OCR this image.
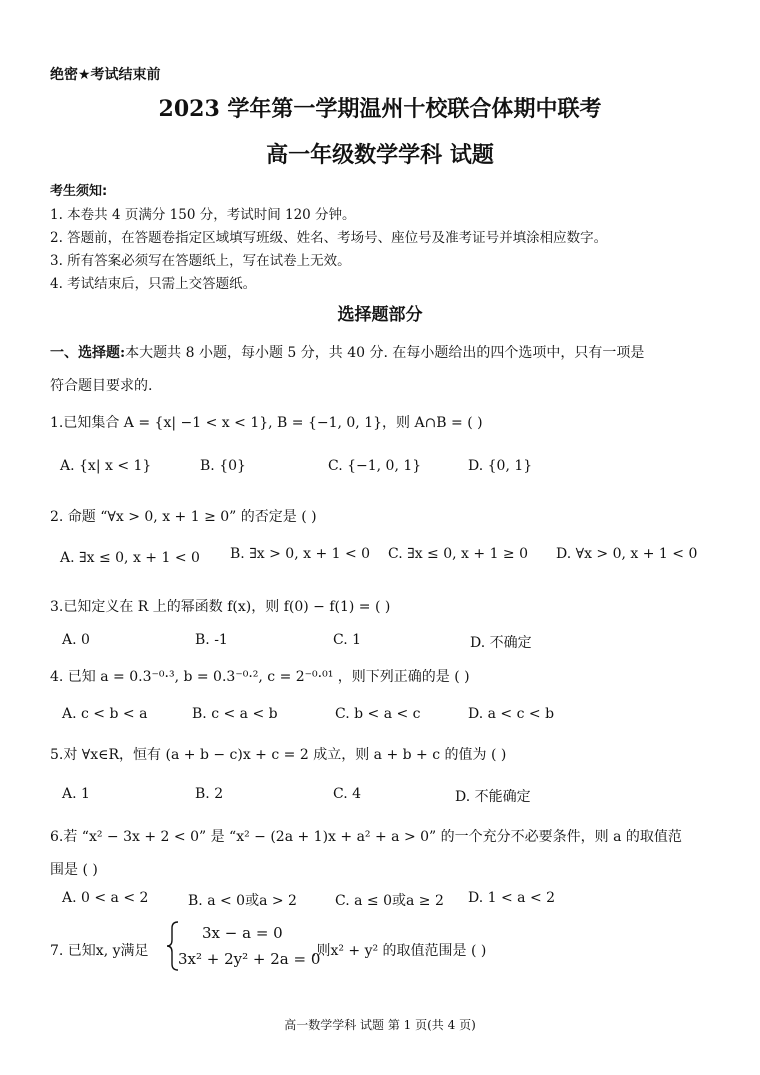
绝密★考试结束前
2023 学年第一学期温州十校联合体期中联考
高一年级数学学科 试题
考生须知:
1. 本卷共 4 页满分 150 分，考试时间 120 分钟。
2. 答题前，在答题卷指定区域填写班级、姓名、考场号、座位号及准考证号并填涂相应数字。
3. 所有答案必须写在答题纸上，写在试卷上无效。
4. 考试结束后，只需上交答题纸。
选择题部分
一、选择题:本大题共 8 小题，每小题 5 分，共 40 分. 在每小题给出的四个选项中，只有一项是
符合题目要求的.
1.已知集合 A = {x| −1 < x < 1}, B = {−1, 0, 1}，则 A∩B = ( )
A. {x| x < 1}	B. {0}	C. {−1, 0, 1}	D. {0, 1}
2. 命题 “∀x > 0, x + 1 ≥ 0” 的否定是 ( )
A. ∃x ≤ 0, x + 1 < 0 B. ∃x > 0, x + 1 < 0 C. ∃x ≤ 0, x + 1 ≥ 0 D. ∀x > 0, x + 1 < 0
3.已知定义在 R 上的幂函数 f(x)，则 f(0) − f(1) = ( )
A. 0	B. -1	C. 1	D. 不确定
4. 已知 a = 0.3⁻⁰·³, b = 0.3⁻⁰·², c = 2⁻⁰·⁰¹ ，则下列正确的是 ( )
A. c < b < a	B. c < a < b	C. b < a < c	D. a < c < b
5.对 ∀x∈R，恒有 (a + b − c)x + c = 2 成立，则 a + b + c 的值为 ( )
A. 1	B. 2	C. 4	D. 不能确定
6.若 “x² − 3x + 2 < 0” 是 “x² − (2a + 1)x + a² + a > 0” 的一个充分不必要条件，则 a 的取值范
围是 ( )
A. 0 < a < 2	B. a < 0或a > 2	C. a ≤ 0或a ≥ 2 D. 1 < a < 2
7. 已知x, y满足
3x − a = 0
3x² + 2y² + 2a = 0
,则x² + y² 的取值范围是 ( )
高一数学学科 试题 第 1 页(共 4 页)
